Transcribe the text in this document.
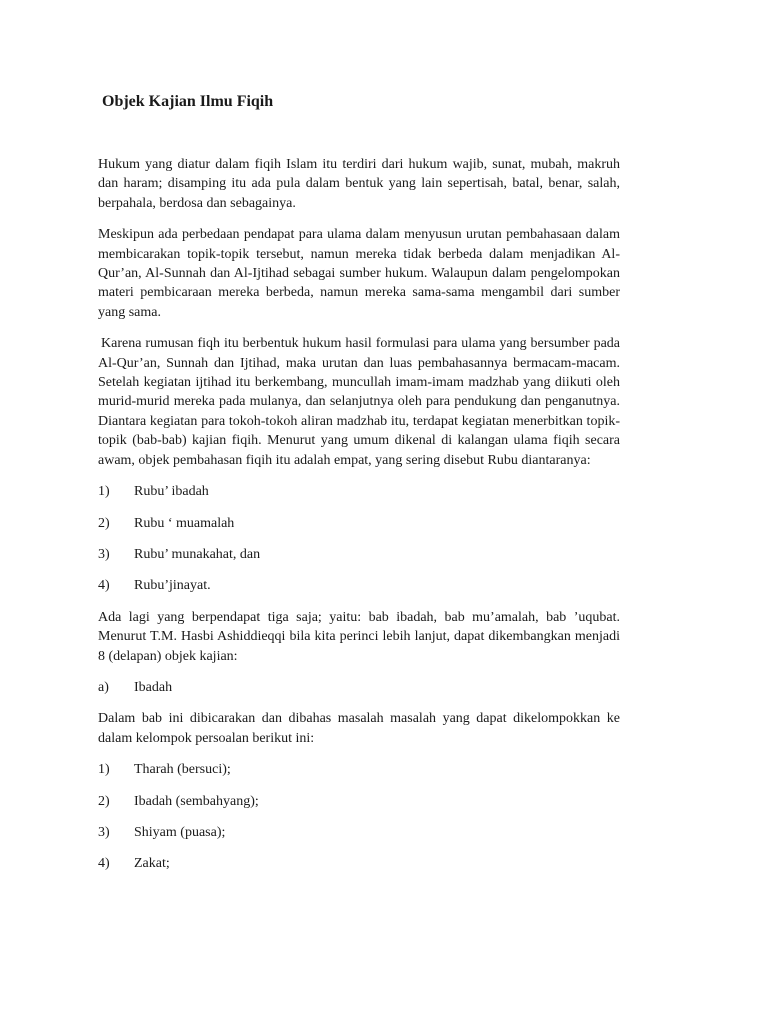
Objek Kajian Ilmu Fiqih

Hukum yang diatur dalam fiqih Islam itu terdiri dari hukum wajib, sunat, mubah, makruh dan haram; disamping itu ada pula dalam bentuk yang lain sepertisah, batal, benar, salah, berpahala, berdosa dan sebagainya.

Meskipun ada perbedaan pendapat para ulama dalam menyusun urutan pembahasaan dalam membicarakan topik-topik tersebut, namun mereka tidak berbeda dalam menjadikan Al-Qur’an, Al-Sunnah dan Al-Ijtihad sebagai sumber hukum. Walaupun dalam pengelompokan materi pembicaraan mereka berbeda, namun mereka sama-sama mengambil dari sumber yang sama.

Karena rumusan fiqh itu berbentuk hukum hasil formulasi para ulama yang bersumber pada Al-Qur’an, Sunnah dan Ijtihad, maka urutan dan luas pembahasannya bermacam-macam. Setelah kegiatan ijtihad itu berkembang, muncullah imam-imam madzhab yang diikuti oleh murid-murid mereka pada mulanya, dan selanjutnya oleh para pendukung dan penganutnya. Diantara kegiatan para tokoh-tokoh aliran madzhab itu, terdapat kegiatan menerbitkan topik-topik (bab-bab) kajian fiqih. Menurut yang umum dikenal di kalangan ulama fiqih secara awam, objek pembahasan fiqih itu adalah empat, yang sering disebut Rubu diantaranya:

1)	Rubu’ ibadah
2)	Rubu ‘ muamalah
3)	Rubu’ munakahat, dan
4)	Rubu’jinayat.

Ada lagi yang berpendapat tiga saja; yaitu: bab ibadah, bab mu’amalah, bab ’uqubat. Menurut T.M. Hasbi Ashiddieqqi bila kita perinci lebih lanjut, dapat dikembangkan menjadi 8 (delapan) objek kajian:

a)	Ibadah

Dalam bab ini dibicarakan dan dibahas masalah masalah yang dapat dikelompokkan ke dalam kelompok persoalan berikut ini:

1)	Tharah (bersuci);
2)	Ibadah (sembahyang);
3)	Shiyam (puasa);
4)	Zakat;
